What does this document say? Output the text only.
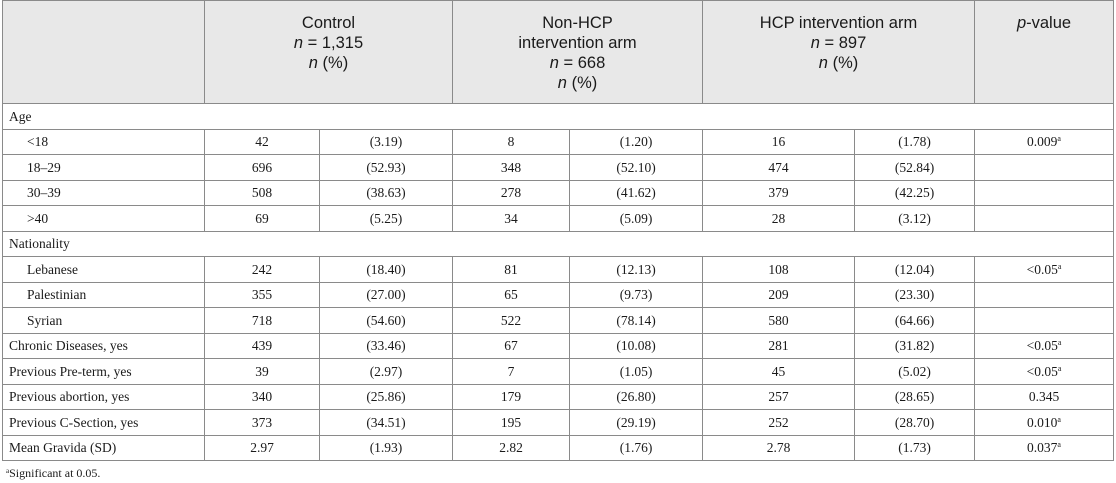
	Control
n = 1,315
n (%)		Non-HCP
intervention arm
n = 668
n (%)		HCP intervention arm
n = 897
n (%)		p-value

Age							
<18	42	(3.19)	8	(1.20)	16	(1.78)	0.009$^a$
18–29	696	(52.93)	348	(52.10)	474	(52.84)	
30–39	508	(38.63)	278	(41.62)	379	(42.25)	
>40	69	(5.25)	34	(5.09)	28	(3.12)	
Nationality							
Lebanese	242	(18.40)	81	(12.13)	108	(12.04)	<0.05$^a$
Palestinian	355	(27.00)	65	(9.73)	209	(23.30)	
Syrian	718	(54.60)	522	(78.14)	580	(64.66)	
Chronic Diseases, yes	439	(33.46)	67	(10.08)	281	(31.82)	<0.05$^a$
Previous Pre-term, yes	39	(2.97)	7	(1.05)	45	(5.02)	<0.05$^a$
Previous abortion, yes	340	(25.86)	179	(26.80)	257	(28.65)	0.345
Previous C-Section, yes	373	(34.51)	195	(29.19)	252	(28.70)	0.010$^a$
Mean Gravida (SD)	2.97	(1.93)	2.82	(1.76)	2.78	(1.73)	0.037$^a$
$^a$Significant at 0.05.
